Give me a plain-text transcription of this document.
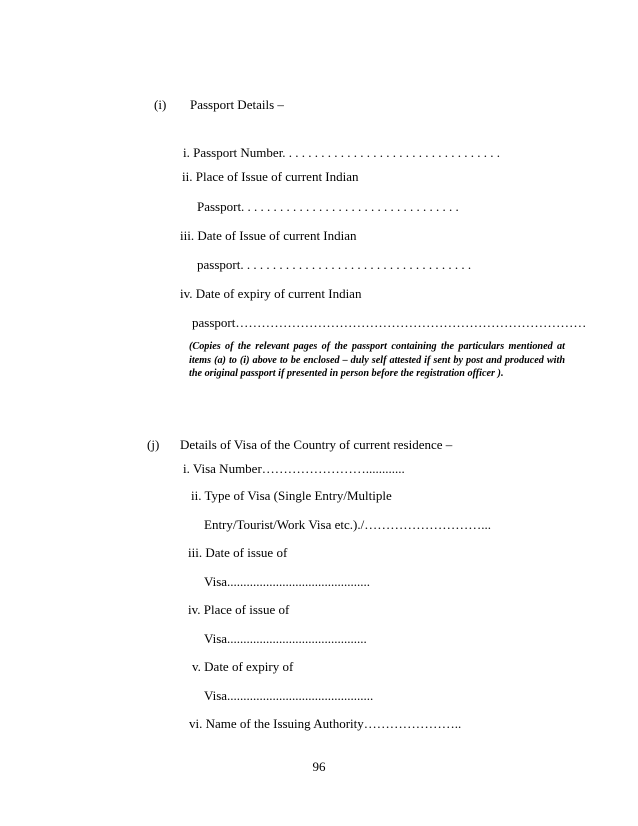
(i) Passport Details –
i. Passport Number. . . . . . . . . . . . . . . . . . . . . . . . . . . . . . . . . .
ii. Place of Issue of current Indian
Passport. . . . . . . . . . . . . . . . . . . . . . . . . . . . . . . . . .
iii. Date of Issue of current Indian
passport. . . . . . . . . . . . . . . . . . . . . . . . . . . . . . . . . . . .
iv. Date of expiry of current Indian
passport………………………………………………………………………
(Copies of the relevant pages of the passport containing the particulars mentioned at items (a) to (i) above to be enclosed – duly self attested if sent by post and produced with the original passport if presented in person before the registration officer ).
(j) Details of Visa of the Country of current residence –
i. Visa Number……………………............
ii. Type of Visa (Single Entry/Multiple
Entry/Tourist/Work Visa etc.)./………………………...
iii. Date of issue of
Visa............................................
iv. Place of issue of
Visa...........................................
v. Date of expiry of
Visa.............................................
vi. Name of the Issuing Authority…………………..
96
